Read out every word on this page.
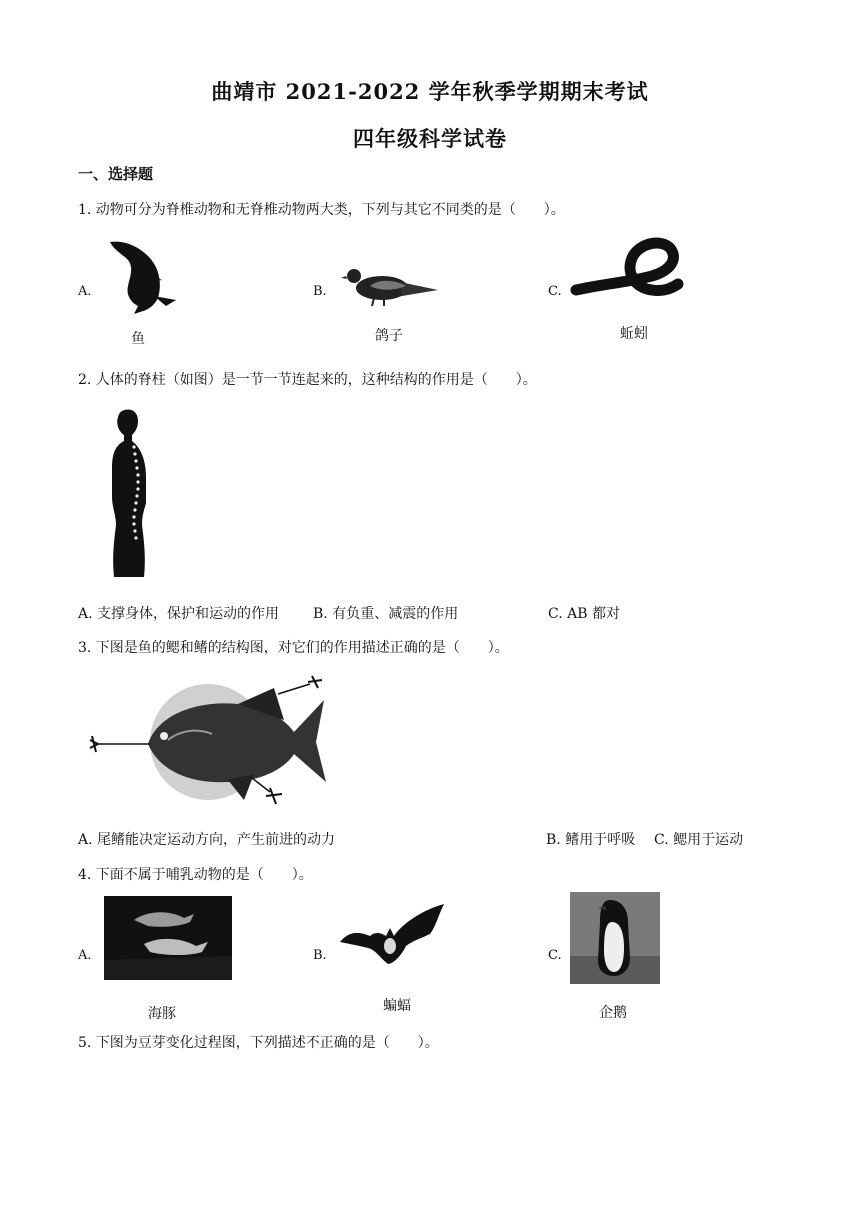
曲靖市 2021-2022 学年秋季学期期末考试
四年级科学试卷
一、选择题
1. 动物可分为脊椎动物和无脊椎动物两大类，下列与其它不同类的是（　　）。
A.
鱼
B.
鸽子
C.
蚯蚓
2. 人体的脊柱（如图）是一节一节连起来的，这种结构的作用是（　　）。
A. 支撑身体，保护和运动的作用 B. 有负重、减震的作用	C. AB 都对
3. 下图是鱼的鳃和鳍的结构图，对它们的作用描述正确的是（　　）。
A. 尾鳍能决定运动方向，产生前进的动力	B. 鳍用于呼吸 C. 鳃用于运动
4. 下面不属于哺乳动物的是（　　）。
A.
海豚
B.
蝙蝠
C.
企鹅
5. 下图为豆芽变化过程图，下列描述不正确的是（　　）。
